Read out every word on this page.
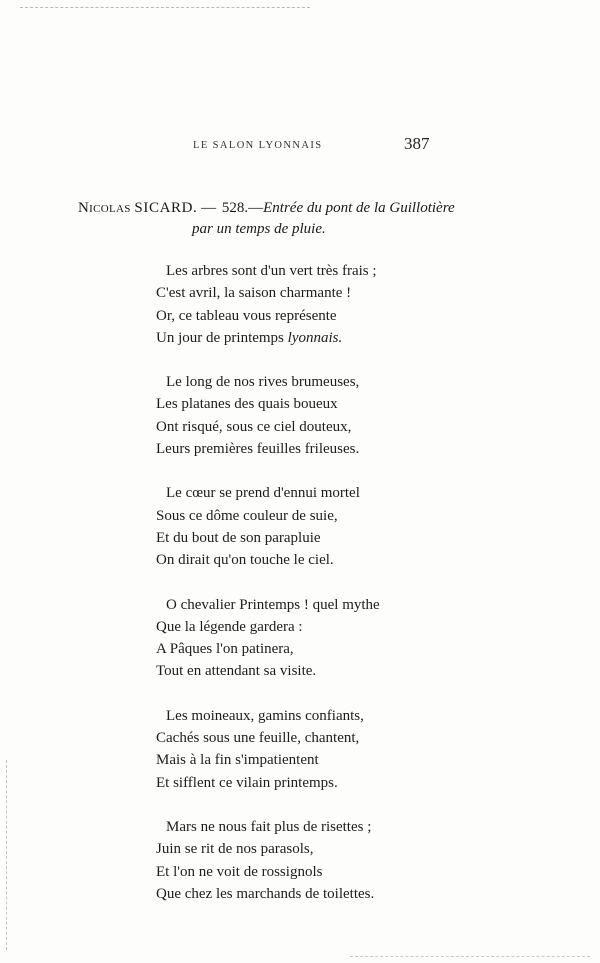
LE SALON LYONNAIS	387
Nicolas SICARD. — 528.—Entrée du pont de la Guillotière
par un temps de pluie.
Les arbres sont d'un vert très frais ;
C'est avril, la saison charmante !
Or, ce tableau vous représente
Un jour de printemps lyonnais.
Le long de nos rives brumeuses,
Les platanes des quais boueux
Ont risqué, sous ce ciel douteux,
Leurs premières feuilles frileuses.
Le cœur se prend d'ennui mortel
Sous ce dôme couleur de suie,
Et du bout de son parapluie
On dirait qu'on touche le ciel.
O chevalier Printemps ! quel mythe
Que la légende gardera :
A Pâques l'on patinera,
Tout en attendant sa visite.
Les moineaux, gamins confiants,
Cachés sous une feuille, chantent,
Mais à la fin s'impatientent
Et sifflent ce vilain printemps.
Mars ne nous fait plus de risettes ;
Juin se rit de nos parasols,
Et l'on ne voit de rossignols
Que chez les marchands de toilettes.
